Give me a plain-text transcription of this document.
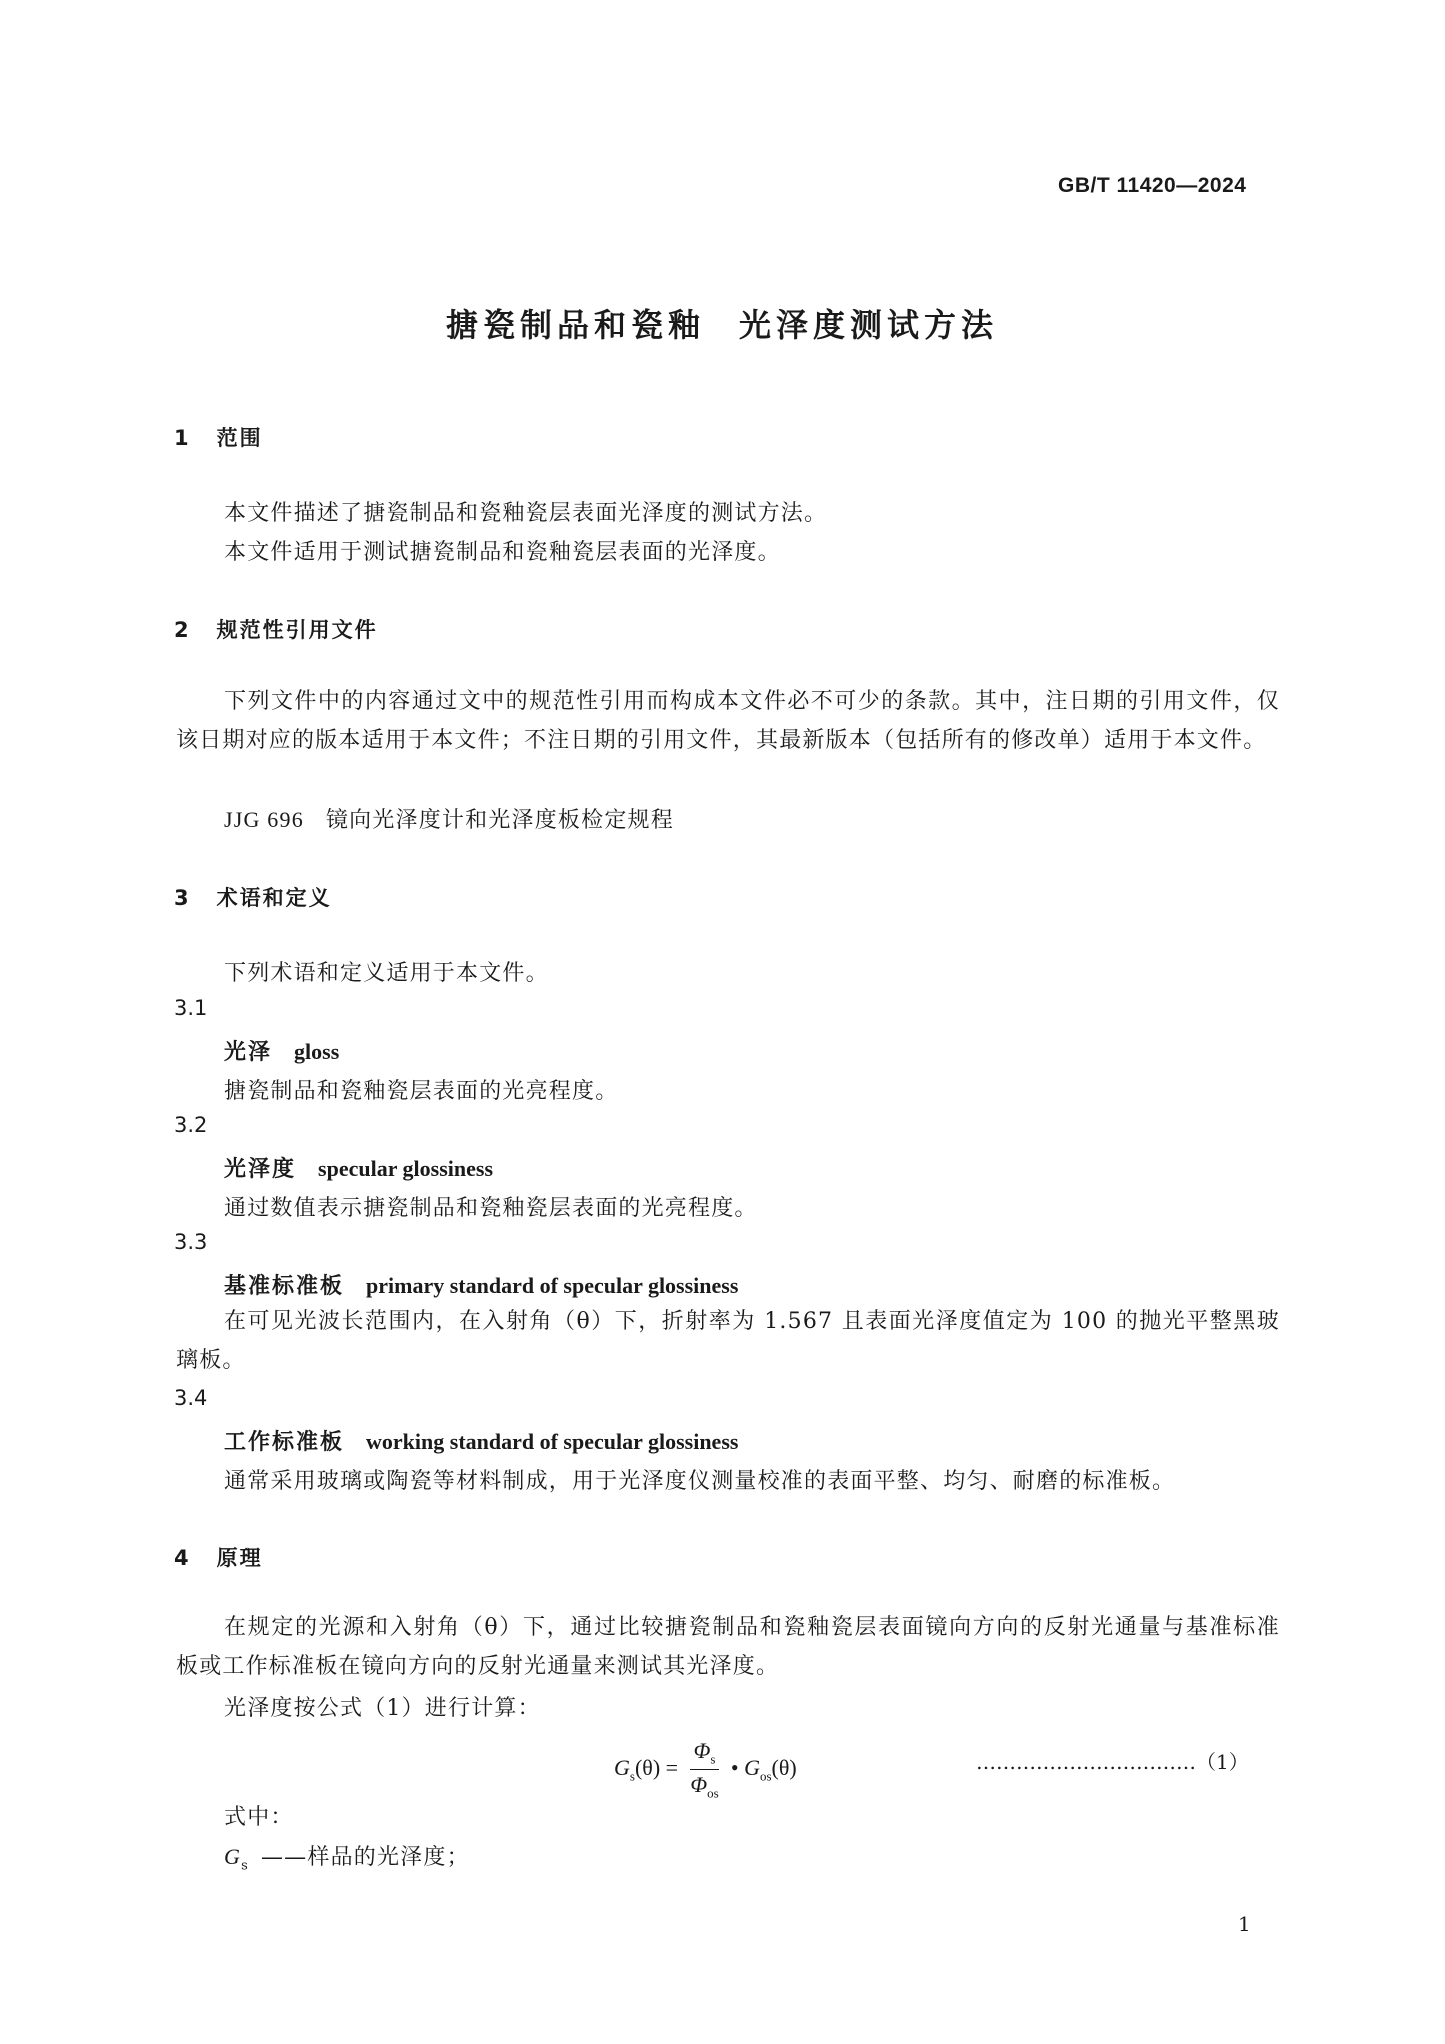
GB/T 11420—2024
搪瓷制品和瓷釉 光泽度测试方法
1 范围
本文件描述了搪瓷制品和瓷釉瓷层表面光泽度的测试方法。
本文件适用于测试搪瓷制品和瓷釉瓷层表面的光泽度。
2 规范性引用文件
下列文件中的内容通过文中的规范性引用而构成本文件必不可少的条款。其中，注日期的引用文件，仅该日期对应的版本适用于本文件；不注日期的引用文件，其最新版本（包括所有的修改单）适用于本文件。
JJG 696 镜向光泽度计和光泽度板检定规程
3 术语和定义
下列术语和定义适用于本文件。
3.1
光泽 gloss
搪瓷制品和瓷釉瓷层表面的光亮程度。
3.2
光泽度 specular glossiness
通过数值表示搪瓷制品和瓷釉瓷层表面的光亮程度。
3.3
基准标准板 primary standard of specular glossiness
在可见光波长范围内，在入射角（θ）下，折射率为 1.567 且表面光泽度值定为 100 的抛光平整黑玻璃板。
3.4
工作标准板 working standard of specular glossiness
通常采用玻璃或陶瓷等材料制成，用于光泽度仪测量校准的表面平整、均匀、耐磨的标准板。
4 原理
在规定的光源和入射角（θ）下，通过比较搪瓷制品和瓷釉瓷层表面镜向方向的反射光通量与基准标准板或工作标准板在镜向方向的反射光通量来测试其光泽度。
光泽度按公式（1）进行计算：
$G_s(\theta) = \frac{\Phi_s}{\Phi_{os}}$ • $G_{os}(\theta)$	……………………………（1）
式中：
$G_s$ ——样品的光泽度；
1
